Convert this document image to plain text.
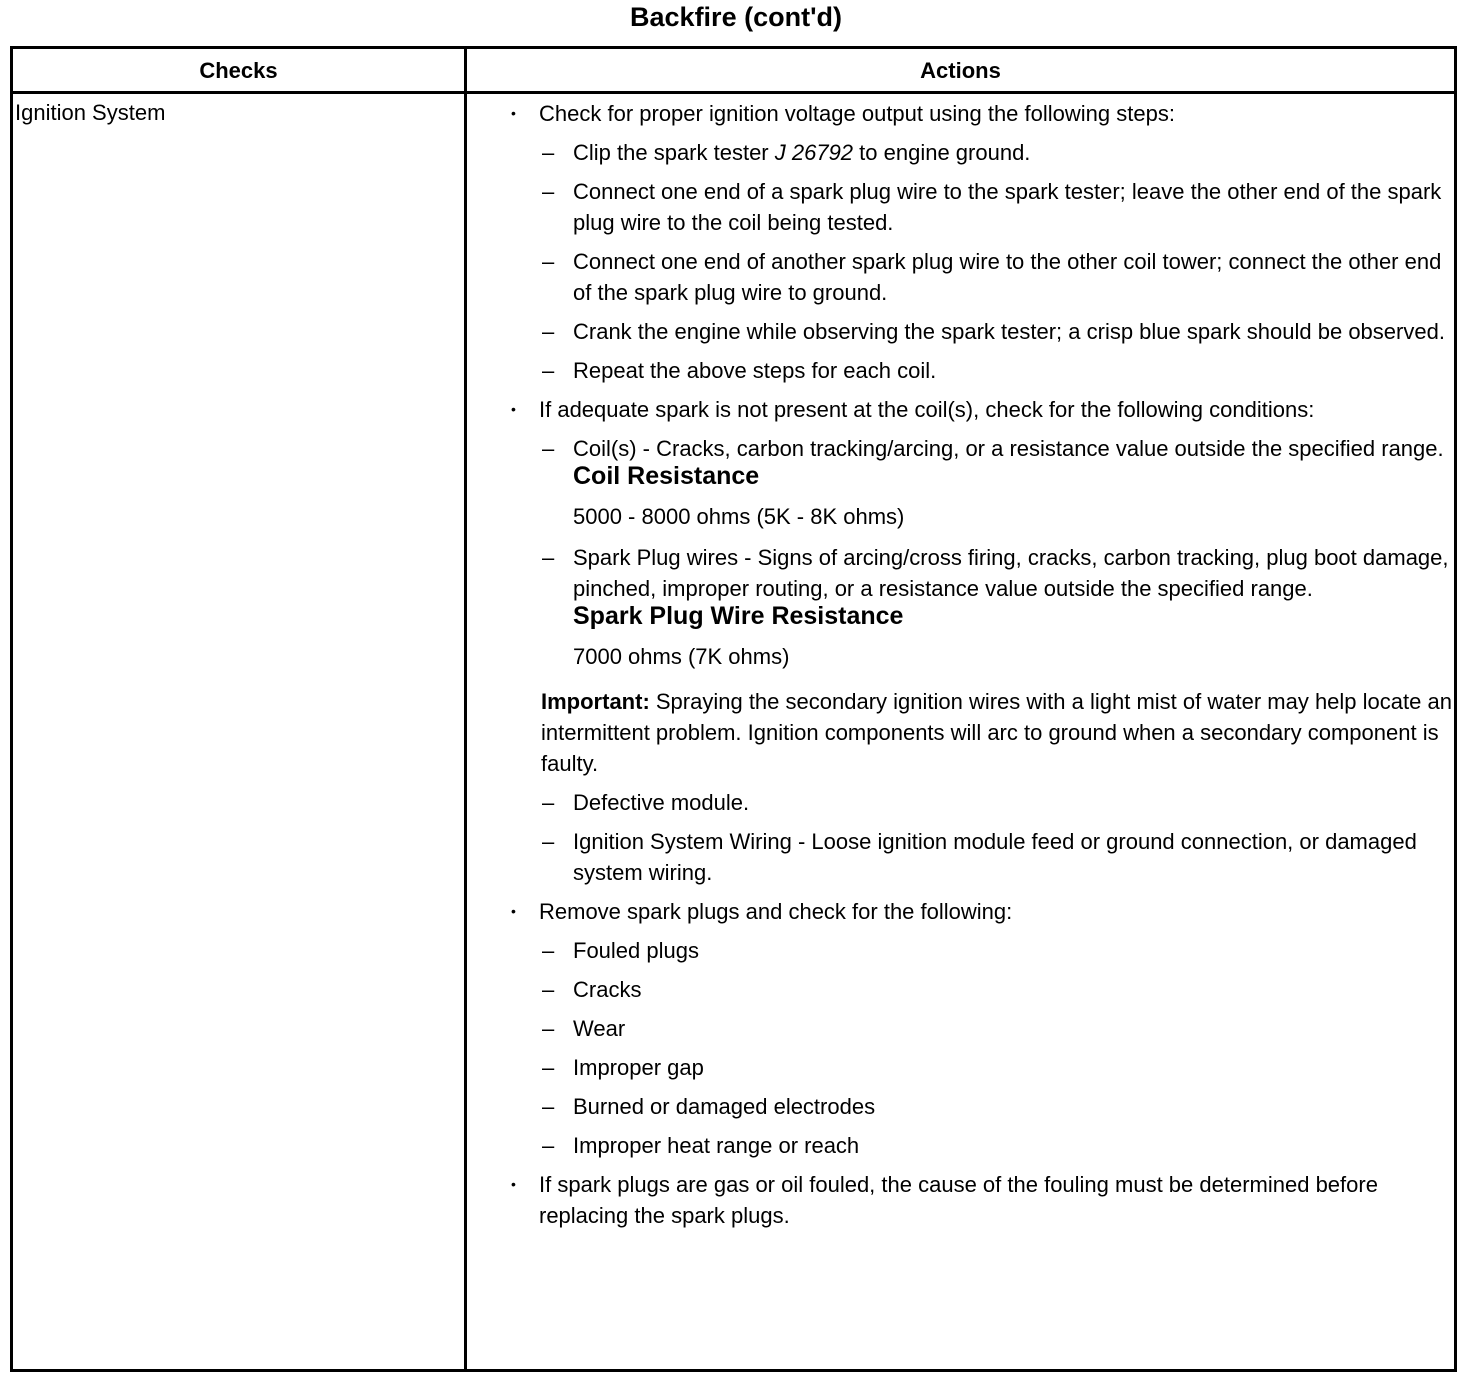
Backfire (cont'd)
Checks	Actions
Ignition System	• Check for proper ignition voltage output using the following steps:
– Clip the spark tester J 26792 to engine ground.
– Connect one end of a spark plug wire to the spark tester; leave the other end of the spark plug wire to the coil being tested.
– Connect one end of another spark plug wire to the other coil tower; connect the other end of the spark plug wire to ground.
– Crank the engine while observing the spark tester; a crisp blue spark should be observed.
– Repeat the above steps for each coil.
• If adequate spark is not present at the coil(s), check for the following conditions:
– Coil(s) - Cracks, carbon tracking/arcing, or a resistance value outside the specified range.
Coil Resistance
5000 - 8000 ohms (5K - 8K ohms)
– Spark Plug wires - Signs of arcing/cross firing, cracks, carbon tracking, plug boot damage, pinched, improper routing, or a resistance value outside the specified range.
Spark Plug Wire Resistance
7000 ohms (7K ohms)
Important: Spraying the secondary ignition wires with a light mist of water may help locate an intermittent problem. Ignition components will arc to ground when a secondary component is faulty.
– Defective module.
– Ignition System Wiring - Loose ignition module feed or ground connection, or damaged system wiring.
• Remove spark plugs and check for the following:
– Fouled plugs
– Cracks
– Wear
– Improper gap
– Burned or damaged electrodes
– Improper heat range or reach
• If spark plugs are gas or oil fouled, the cause of the fouling must be determined before replacing the spark plugs.
